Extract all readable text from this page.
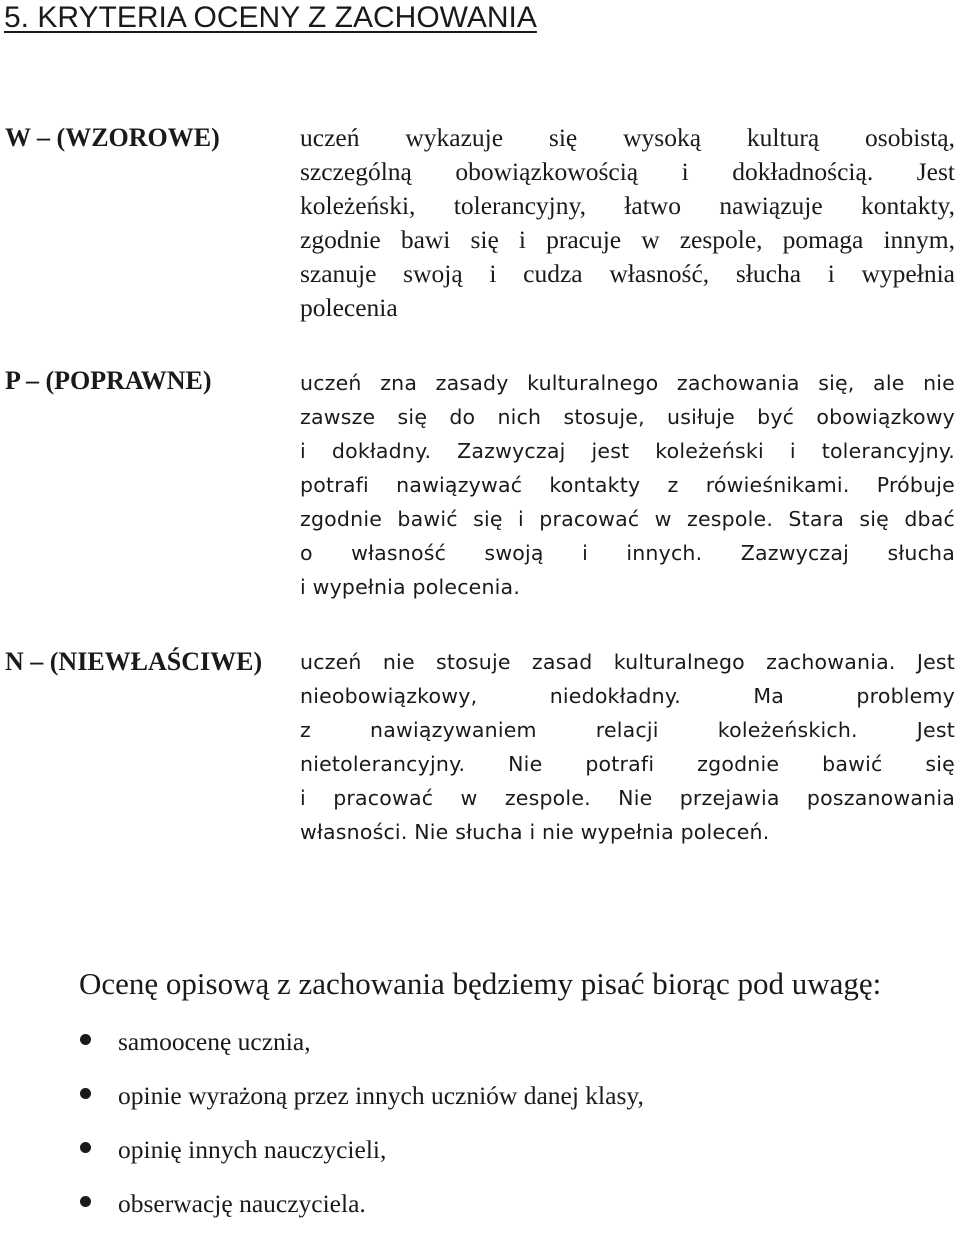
5. KRYTERIA OCENY Z ZACHOWANIA
W – (WZOROWE)	uczeń wykazuje się wysoką kulturą osobistą,
szczególną obowiązkowością i dokładnością. Jest
koleżeński, tolerancyjny, łatwo nawiązuje kontakty,
zgodnie bawi się i pracuje w zespole, pomaga innym,
szanuje swoją i cudza własność, słucha i wypełnia
polecenia
P – (POPRAWNE)	uczeń zna zasady kulturalnego zachowania się, ale nie
zawsze się do nich stosuje, usiłuje być obowiązkowy
i dokładny. Zazwyczaj jest koleżeński i tolerancyjny.
potrafi nawiązywać kontakty z rówieśnikami. Próbuje
zgodnie bawić się i pracować w zespole. Stara się dbać
o własność swoją i innych. Zazwyczaj słucha
i wypełnia polecenia.
N – (NIEWŁAŚCIWE) uczeń nie stosuje zasad kulturalnego zachowania. Jest
nieobowiązkowy, niedokładny. Ma problemy
z nawiązywaniem relacji koleżeńskich. Jest
nietolerancyjny. Nie potrafi zgodnie bawić się
i pracować w zespole. Nie przejawia poszanowania
własności. Nie słucha i nie wypełnia poleceń.
Ocenę opisową z zachowania będziemy pisać biorąc pod uwagę:
samoocenę ucznia,
opinie wyrażoną przez innych uczniów danej klasy,
opinię innych nauczycieli,
obserwację nauczyciela.
